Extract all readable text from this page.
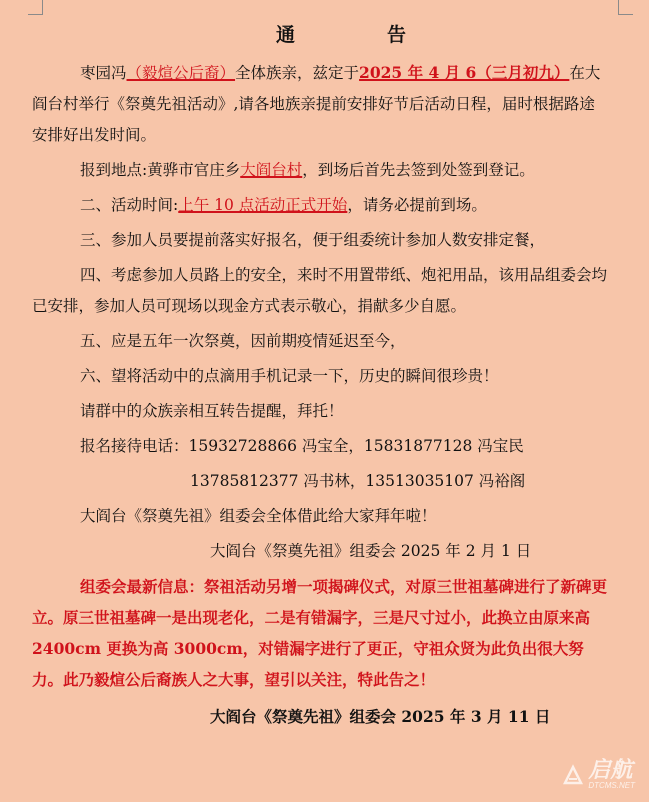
通　　告

枣园冯（毅煊公后裔）全体族亲，兹定于2025 年 4 月 6（三月初九）在大阎台村举行《祭奠先祖活动》,请各地族亲提前安排好节后活动日程，届时根据路途安排好出发时间。

报到地点:黄骅市官庄乡大阎台村，到场后首先去签到处签到登记。

二、活动时间:上午 10 点活动正式开始，请务必提前到场。

三、参加人员要提前落实好报名，便于组委统计参加人数安排定餐，

四、考虑参加人员路上的安全，来时不用置带纸、炮祀用品，该用品组委会均已安排，参加人员可现场以现金方式表示敬心，捐献多少自愿。

五、应是五年一次祭奠，因前期疫情延迟至今，

六、望将活动中的点滴用手机记录一下，历史的瞬间很珍贵！

请群中的众族亲相互转告提醒，拜托！

报名接待电话：15932728866 冯宝全，15831877128 冯宝民

13785812377 冯书林，13513035107 冯裕阁

大阎台《祭奠先祖》组委会全体借此给大家拜年啦！

大阎台《祭奠先祖》组委会 2025 年 2 月 1 日

组委会最新信息：祭祖活动另增一项揭碑仪式，对原三世祖墓碑进行了新碑更立。原三世祖墓碑一是出现老化，二是有错漏字，三是尺寸过小，此换立由原来高 2400cm 更换为高 3000cm，对错漏字进行了更正，守祖众贤为此负出很大努力。此乃毅煊公后裔族人之大事，望引以关注，特此告之！

大阎台《祭奠先祖》组委会 2025 年 3 月 11 日

启航
DTCMS.NET
